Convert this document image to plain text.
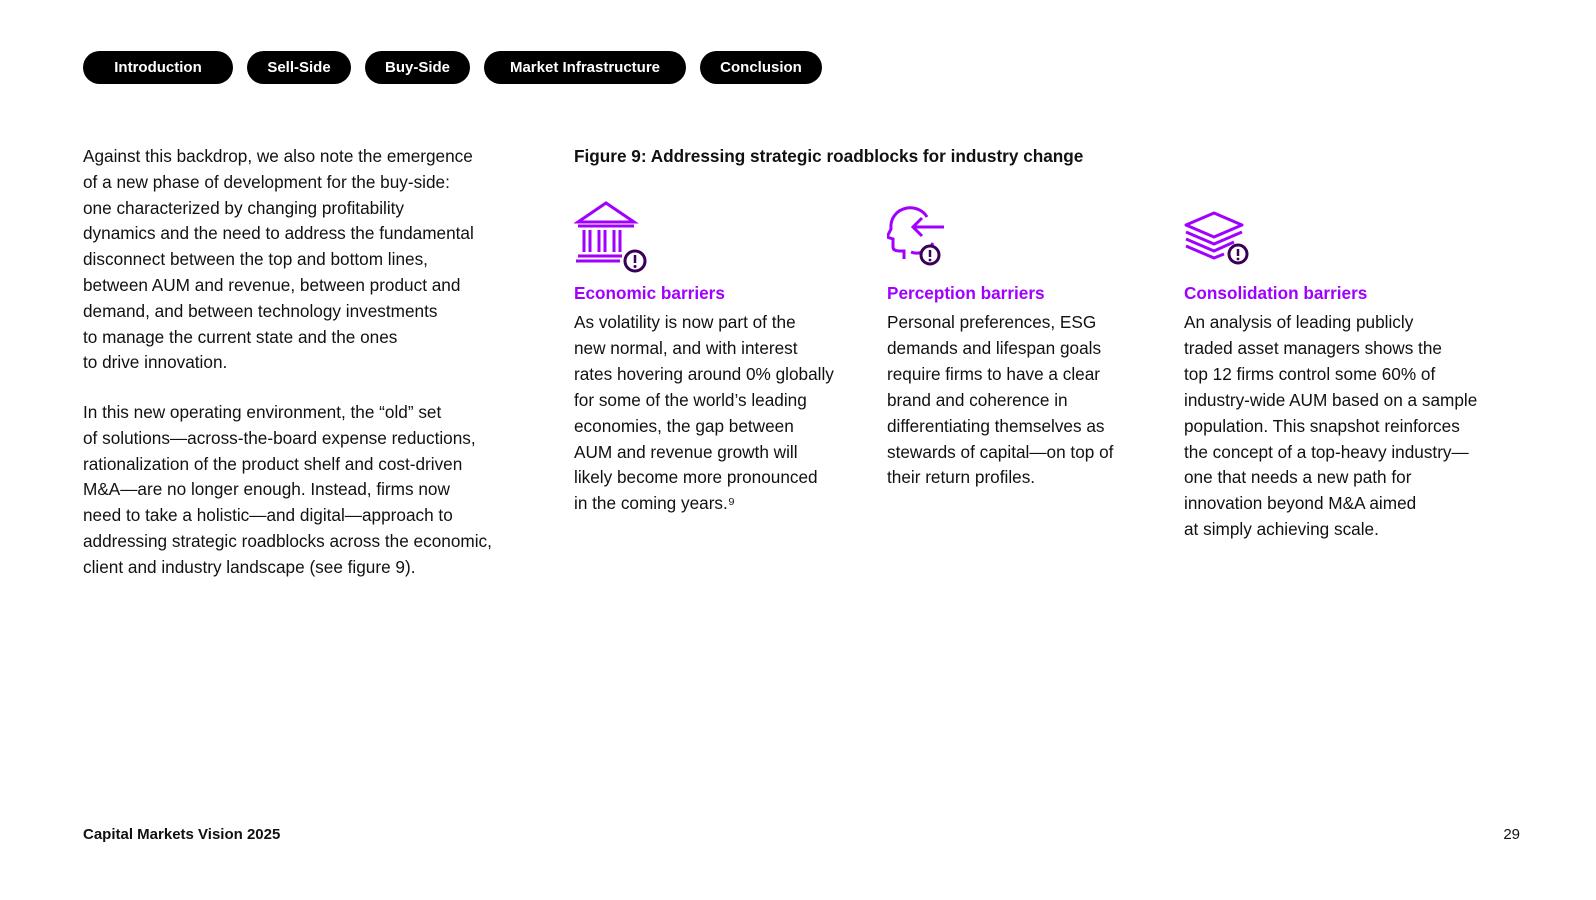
Introduction	Sell-Side	Buy-Side	Market Infrastructure	Conclusion

Against this backdrop, we also note the emergence
of a new phase of development for the buy-side:
one characterized by changing profitability
dynamics and the need to address the fundamental
disconnect between the top and bottom lines,
between AUM and revenue, between product and
demand, and between technology investments
to manage the current state and the ones
to drive innovation.

In this new operating environment, the “old” set
of solutions—across-the-board expense reductions,
rationalization of the product shelf and cost-driven
M&A—are no longer enough. Instead, firms now
need to take a holistic—and digital—approach to
addressing strategic roadblocks across the economic,
client and industry landscape (see figure 9).

Figure 9: Addressing strategic roadblocks for industry change
Economic barriers

As volatility is now part of the
new normal, and with interest
rates hovering around 0% globally
for some of the world’s leading
economies, the gap between
AUM and revenue growth will
likely become more pronounced
in the coming years.⁹

Perception barriers

Personal preferences, ESG
demands and lifespan goals
require firms to have a clear
brand and coherence in
differentiating themselves as
stewards of capital—on top of
their return profiles.

Consolidation barriers

An analysis of leading publicly
traded asset managers shows the
top 12 firms control some 60% of
industry-wide AUM based on a sample
population. This snapshot reinforces
the concept of a top-heavy industry—
one that needs a new path for
innovation beyond M&A aimed
at simply achieving scale.

Capital Markets Vision 2025	29
